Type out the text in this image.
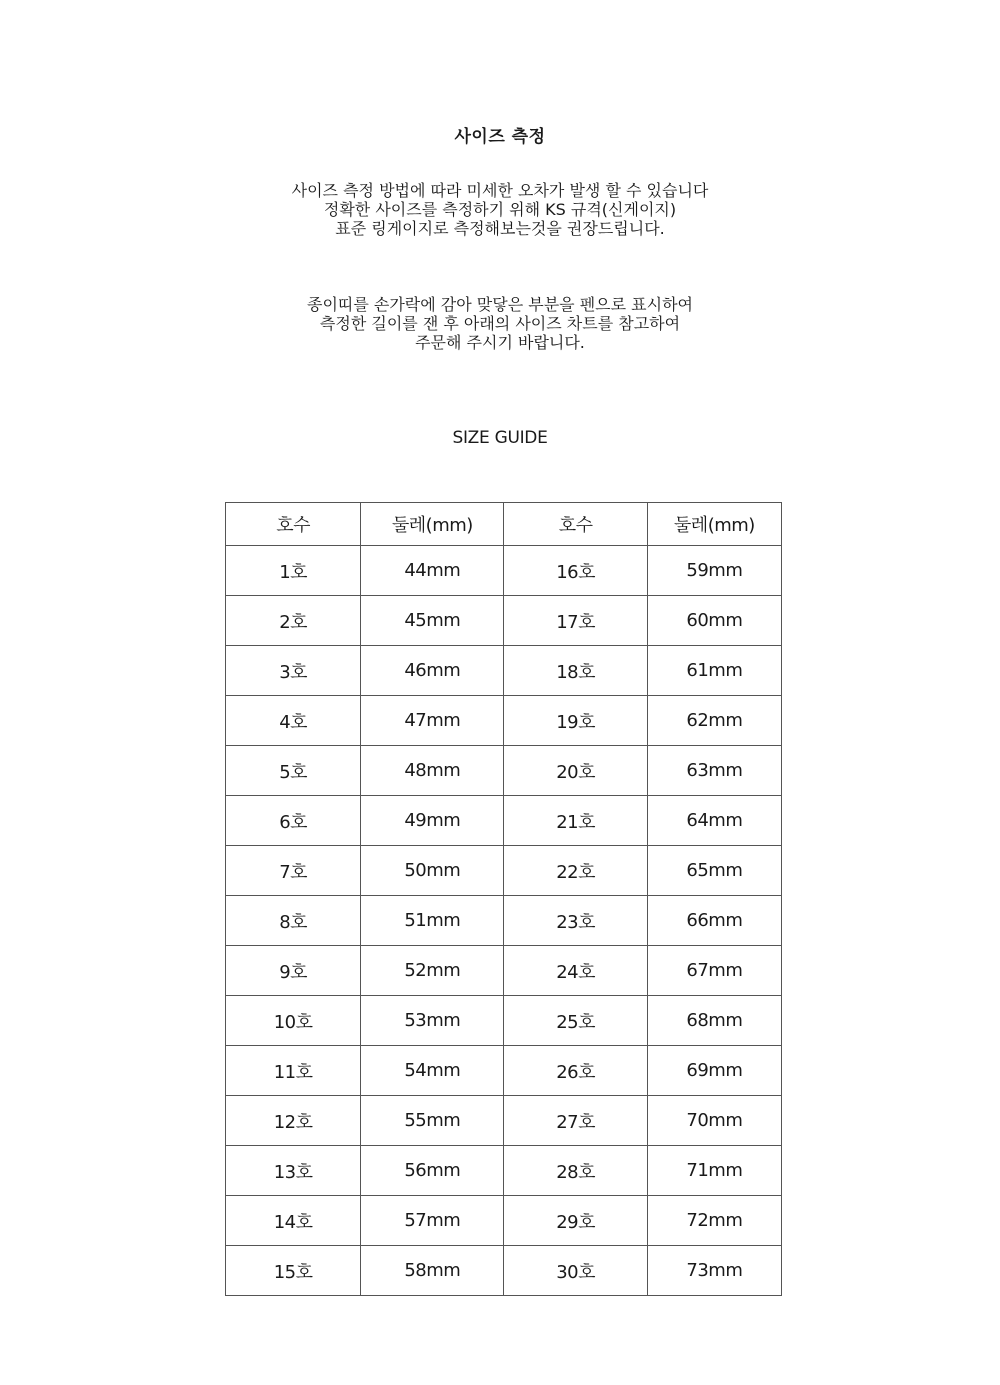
사이즈 측정
사이즈 측정 방법에 따라 미세한 오차가 발생 할 수 있습니다
정확한 사이즈를 측정하기 위해 KS 규격(신게이지)
표준 링게이지로 측정해보는것을 권장드립니다.
종이띠를 손가락에 감아 맞닿은 부분을 펜으로 표시하여
측정한 길이를 잰 후 아래의 사이즈 차트를 참고하여
주문해 주시기 바랍니다.
SIZE GUIDE
호수	둘레(mm)	호수	둘레(mm)
1호	44mm	16호	59mm
2호	45mm	17호	60mm
3호	46mm	18호	61mm
4호	47mm	19호	62mm
5호	48mm	20호	63mm
6호	49mm	21호	64mm
7호	50mm	22호	65mm
8호	51mm	23호	66mm
9호	52mm	24호	67mm
10호	53mm	25호	68mm
11호	54mm	26호	69mm
12호	55mm	27호	70mm
13호	56mm	28호	71mm
14호	57mm	29호	72mm
15호	58mm	30호	73mm
